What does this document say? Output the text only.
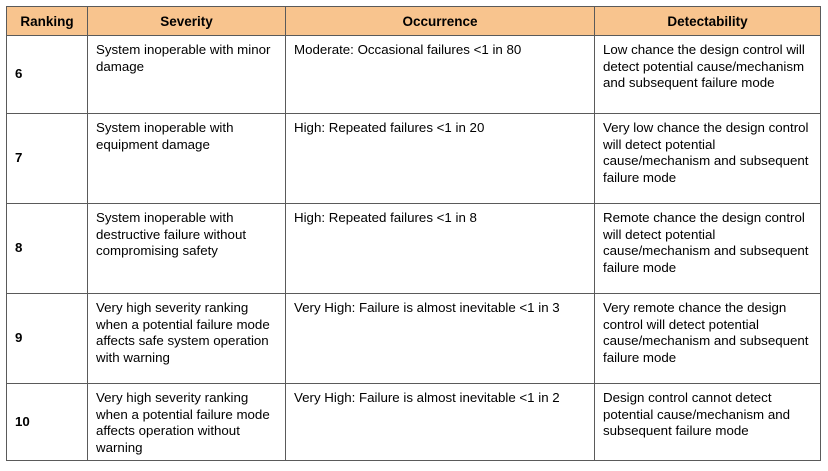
Ranking	Severity	Occurrence	Detectability
6	System inoperable with minor damage	Moderate: Occasional failures <1 in 80	Low chance the design control will detect potential cause/mechanism and subsequent failure mode
7	System inoperable with equipment damage	High: Repeated failures <1 in 20	Very low chance the design control will detect potential cause/mechanism and subsequent failure mode
8	System inoperable with destructive failure without compromising safety	High: Repeated failures <1 in 8	Remote chance the design control will detect potential cause/mechanism and subsequent failure mode
9	Very high severity ranking when a potential failure mode affects safe system operation with warning	Very High: Failure is almost inevitable <1 in 3	Very remote chance the design control will detect potential cause/mechanism and subsequent failure mode
10	Very high severity ranking when a potential failure mode affects operation without warning	Very High: Failure is almost inevitable <1 in 2	Design control cannot detect potential cause/mechanism and subsequent failure mode
